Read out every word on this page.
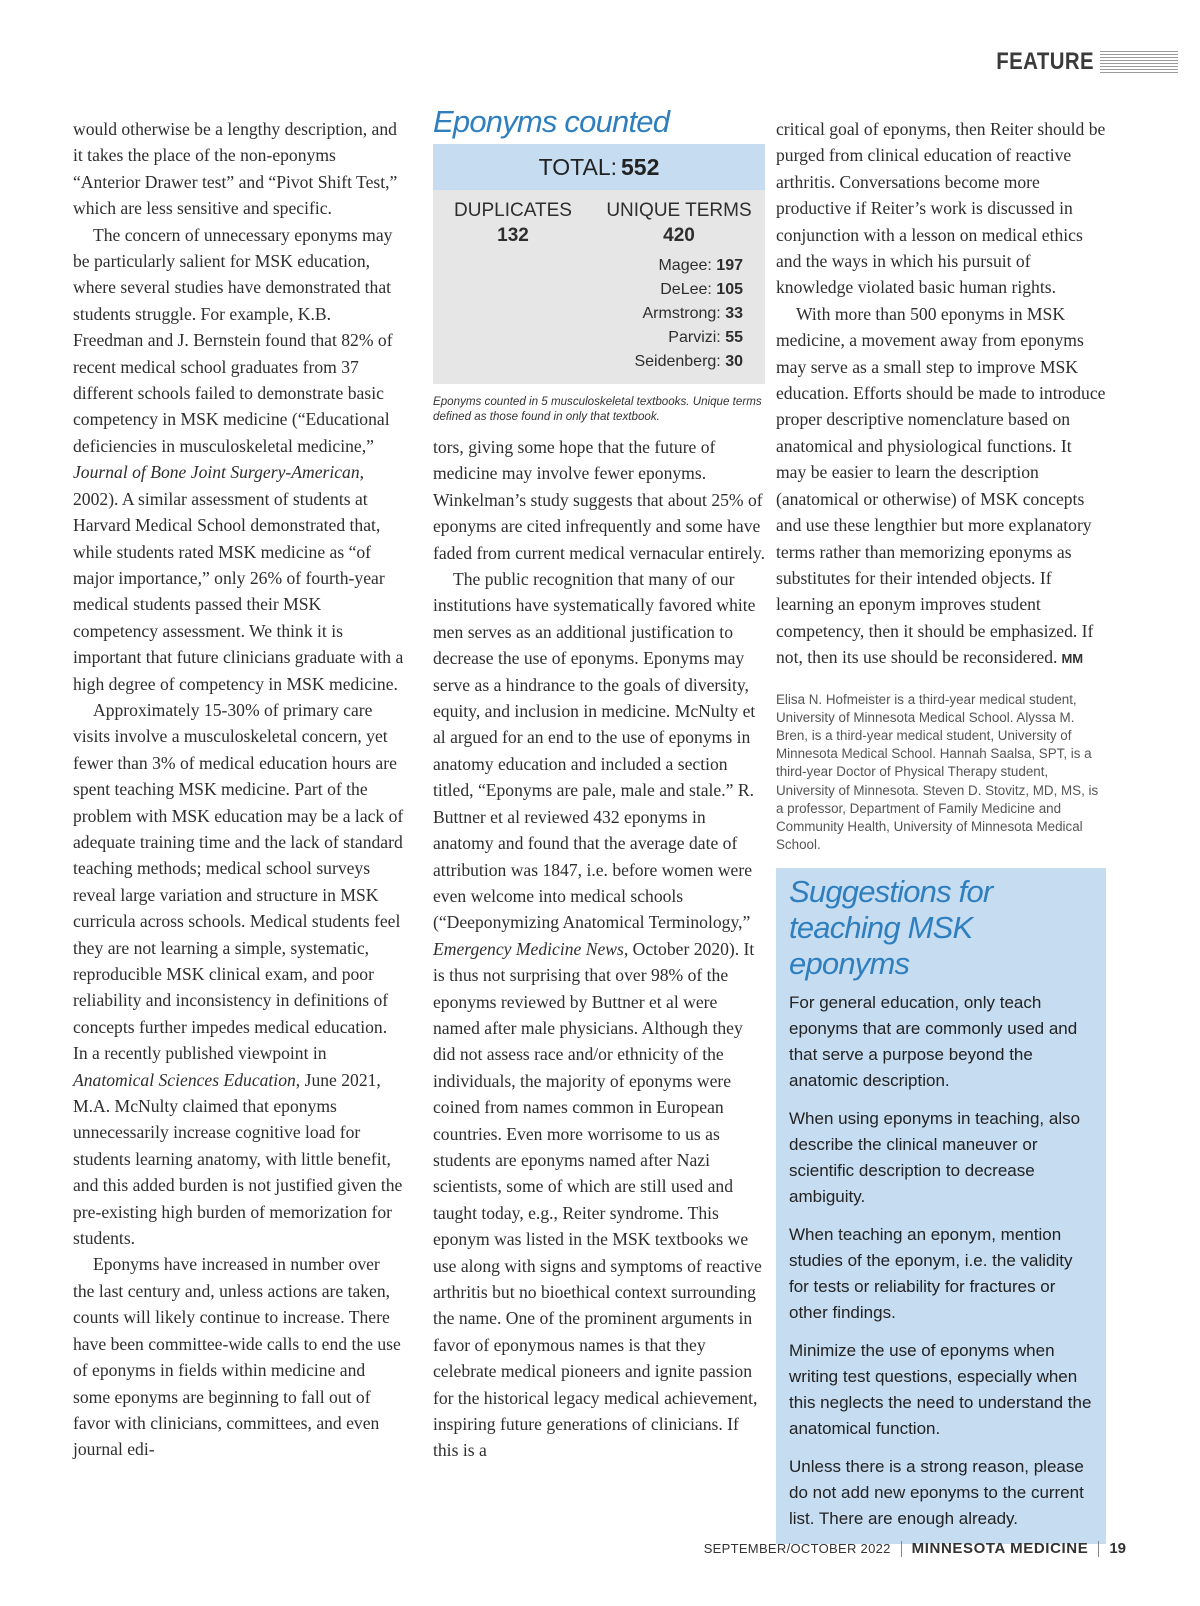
FEATURE

would otherwise be a lengthy description, and it takes the place of the non-eponyms “Anterior Drawer test” and “Pivot Shift Test,” which are less sensitive and specific.

The concern of unnecessary eponyms may be particularly salient for MSK education, where several studies have demonstrated that students struggle. For example, K.B. Freedman and J. Bernstein found that 82% of recent medical school graduates from 37 different schools failed to demonstrate basic competency in MSK medicine (“Educational deficiencies in musculoskeletal medicine,” Journal of Bone Joint Surgery-American, 2002). A similar assessment of students at Harvard Medical School demonstrated that, while students rated MSK medicine as “of major importance,” only 26% of fourth-year medical students passed their MSK competency assessment. We think it is important that future clinicians graduate with a high degree of competency in MSK medicine.

Approximately 15-30% of primary care visits involve a musculoskeletal concern, yet fewer than 3% of medical education hours are spent teaching MSK medicine. Part of the problem with MSK education may be a lack of adequate training time and the lack of standard teaching methods; medical school surveys reveal large variation and structure in MSK curricula across schools. Medical students feel they are not learning a simple, systematic, reproducible MSK clinical exam, and poor reliability and inconsistency in definitions of concepts further impedes medical education. In a recently published viewpoint in Anatomical Sciences Education, June 2021, M.A. McNulty claimed that eponyms unnecessarily increase cognitive load for students learning anatomy, with little benefit, and this added burden is not justified given the pre-existing high burden of memorization for students.

Eponyms have increased in number over the last century and, unless actions are taken, counts will likely continue to increase. There have been committee-wide calls to end the use of eponyms in fields within medicine and some eponyms are beginning to fall out of favor with clinicians, committees, and even journal edi-

Eponyms counted
TOTAL: 552
DUPLICATES
132
UNIQUE TERMS
420
Magee: 197
DeLee: 105
Armstrong: 33
Parvizi: 55
Seidenberg: 30
Eponyms counted in 5 musculoskeletal textbooks. Unique terms defined as those found in only that textbook.

tors, giving some hope that the future of medicine may involve fewer eponyms. Winkelman’s study suggests that about 25% of eponyms are cited infrequently and some have faded from current medical vernacular entirely.

The public recognition that many of our institutions have systematically favored white men serves as an additional justification to decrease the use of eponyms. Eponyms may serve as a hindrance to the goals of diversity, equity, and inclusion in medicine. McNulty et al argued for an end to the use of eponyms in anatomy education and included a section titled, “Eponyms are pale, male and stale.” R. Buttner et al reviewed 432 eponyms in anatomy and found that the average date of attribution was 1847, i.e. before women were even welcome into medical schools (“Deeponymizing Anatomical Terminology,” Emergency Medicine News, October 2020). It is thus not surprising that over 98% of the eponyms reviewed by Buttner et al were named after male physicians. Although they did not assess race and/or ethnicity of the individuals, the majority of eponyms were coined from names common in European countries. Even more worrisome to us as students are eponyms named after Nazi scientists, some of which are still used and taught today, e.g., Reiter syndrome. This eponym was listed in the MSK textbooks we use along with signs and symptoms of reactive arthritis but no bioethical context surrounding the name. One of the prominent arguments in favor of eponymous names is that they celebrate medical pioneers and ignite passion for the historical legacy medical achievement, inspiring future generations of clinicians. If this is a

critical goal of eponyms, then Reiter should be purged from clinical education of reactive arthritis. Conversations become more productive if Reiter’s work is discussed in conjunction with a lesson on medical ethics and the ways in which his pursuit of knowledge violated basic human rights.

With more than 500 eponyms in MSK medicine, a movement away from eponyms may serve as a small step to improve MSK education. Efforts should be made to introduce proper descriptive nomenclature based on anatomical and physiological functions. It may be easier to learn the description (anatomical or otherwise) of MSK concepts and use these lengthier but more explanatory terms rather than memorizing eponyms as substitutes for their intended objects. If learning an eponym improves student competency, then it should be emphasized. If not, then its use should be reconsidered. MM

Elisa N. Hofmeister is a third-year medical student, University of Minnesota Medical School. Alyssa M. Bren, is a third-year medical student, University of Minnesota Medical School. Hannah Saalsa, SPT, is a third-year Doctor of Physical Therapy student, University of Minnesota. Steven D. Stovitz, MD, MS, is a professor, Department of Family Medicine and Community Health, University of Minnesota Medical School.
Suggestions for teaching MSK eponyms

For general education, only teach eponyms that are commonly used and that serve a purpose beyond the anatomic description.

When using eponyms in teaching, also describe the clinical maneuver or scientific description to decrease ambiguity.

When teaching an eponym, mention studies of the eponym, i.e. the validity for tests or reliability for fractures or other findings.

Minimize the use of eponyms when writing test questions, especially when this neglects the need to understand the anatomical function.

Unless there is a strong reason, please do not add new eponyms to the current list. There are enough already.

SEPTEMBER/OCTOBER 2022 MINNESOTA MEDICINE 19
